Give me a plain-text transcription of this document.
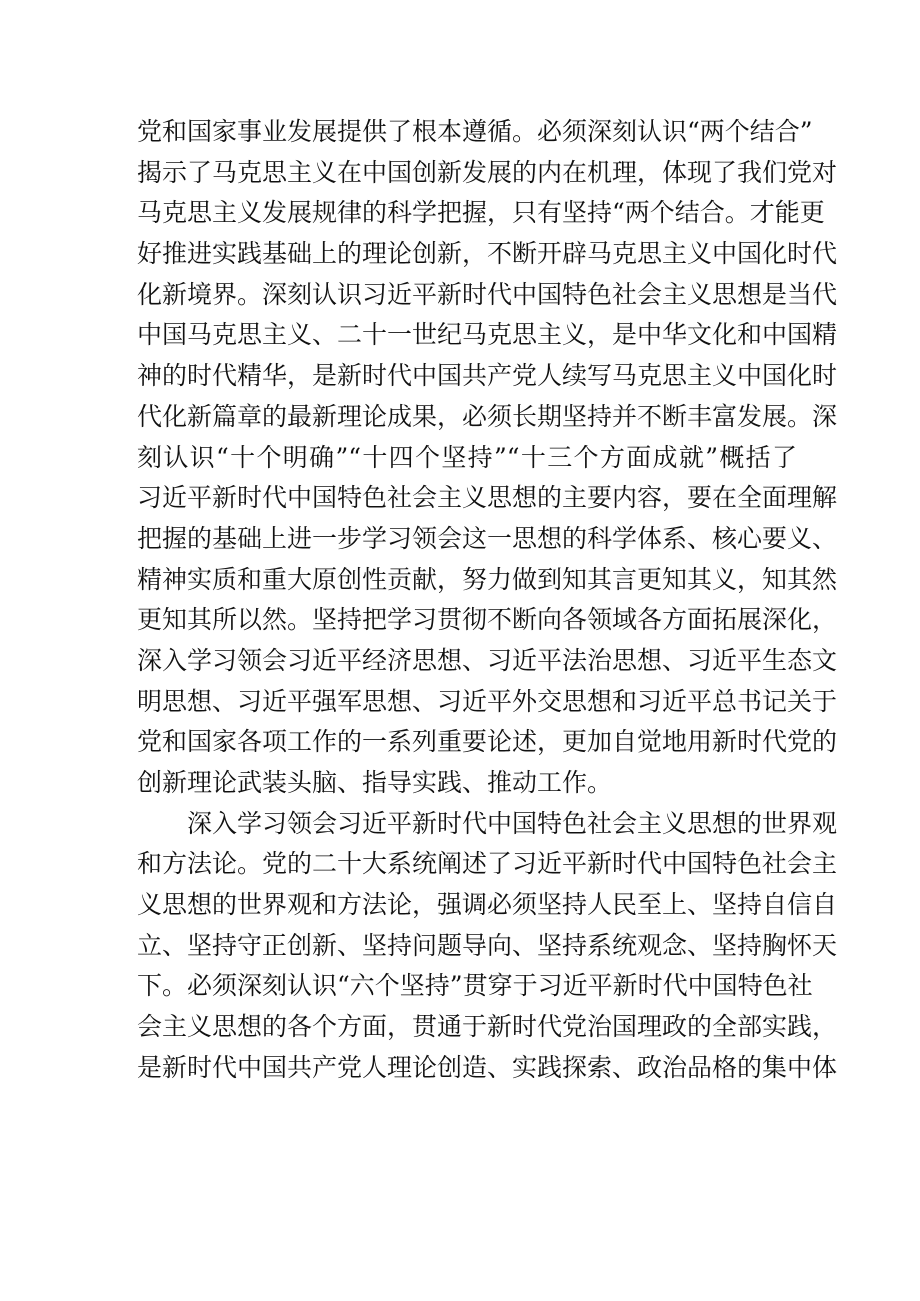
党和国家事业发展提供了根本遵循。必须深刻认识“两个结合”
揭示了马克思主义在中国创新发展的内在机理，体现了我们党对
马克思主义发展规律的科学把握，只有坚持“两个结合。才能更
好推进实践基础上的理论创新，不断开辟马克思主义中国化时代
化新境界。深刻认识习近平新时代中国特色社会主义思想是当代
中国马克思主义、二十一世纪马克思主义，是中华文化和中国精
神的时代精华，是新时代中国共产党人续写马克思主义中国化时
代化新篇章的最新理论成果，必须长期坚持并不断丰富发展。深
刻认识“十个明确”“十四个坚持”“十三个方面成就”概括了
习近平新时代中国特色社会主义思想的主要内容，要在全面理解
把握的基础上进一步学习领会这一思想的科学体系、核心要义、
精神实质和重大原创性贡献，努力做到知其言更知其义，知其然
更知其所以然。坚持把学习贯彻不断向各领域各方面拓展深化，
深入学习领会习近平经济思想、习近平法治思想、习近平生态文
明思想、习近平强军思想、习近平外交思想和习近平总书记关于
党和国家各项工作的一系列重要论述，更加自觉地用新时代党的
创新理论武装头脑、指导实践、推动工作。
深入学习领会习近平新时代中国特色社会主义思想的世界观
和方法论。党的二十大系统阐述了习近平新时代中国特色社会主
义思想的世界观和方法论，强调必须坚持人民至上、坚持自信自
立、坚持守正创新、坚持问题导向、坚持系统观念、坚持胸怀天
下。必须深刻认识“六个坚持”贯穿于习近平新时代中国特色社
会主义思想的各个方面，贯通于新时代党治国理政的全部实践，
是新时代中国共产党人理论创造、实践探索、政治品格的集中体
